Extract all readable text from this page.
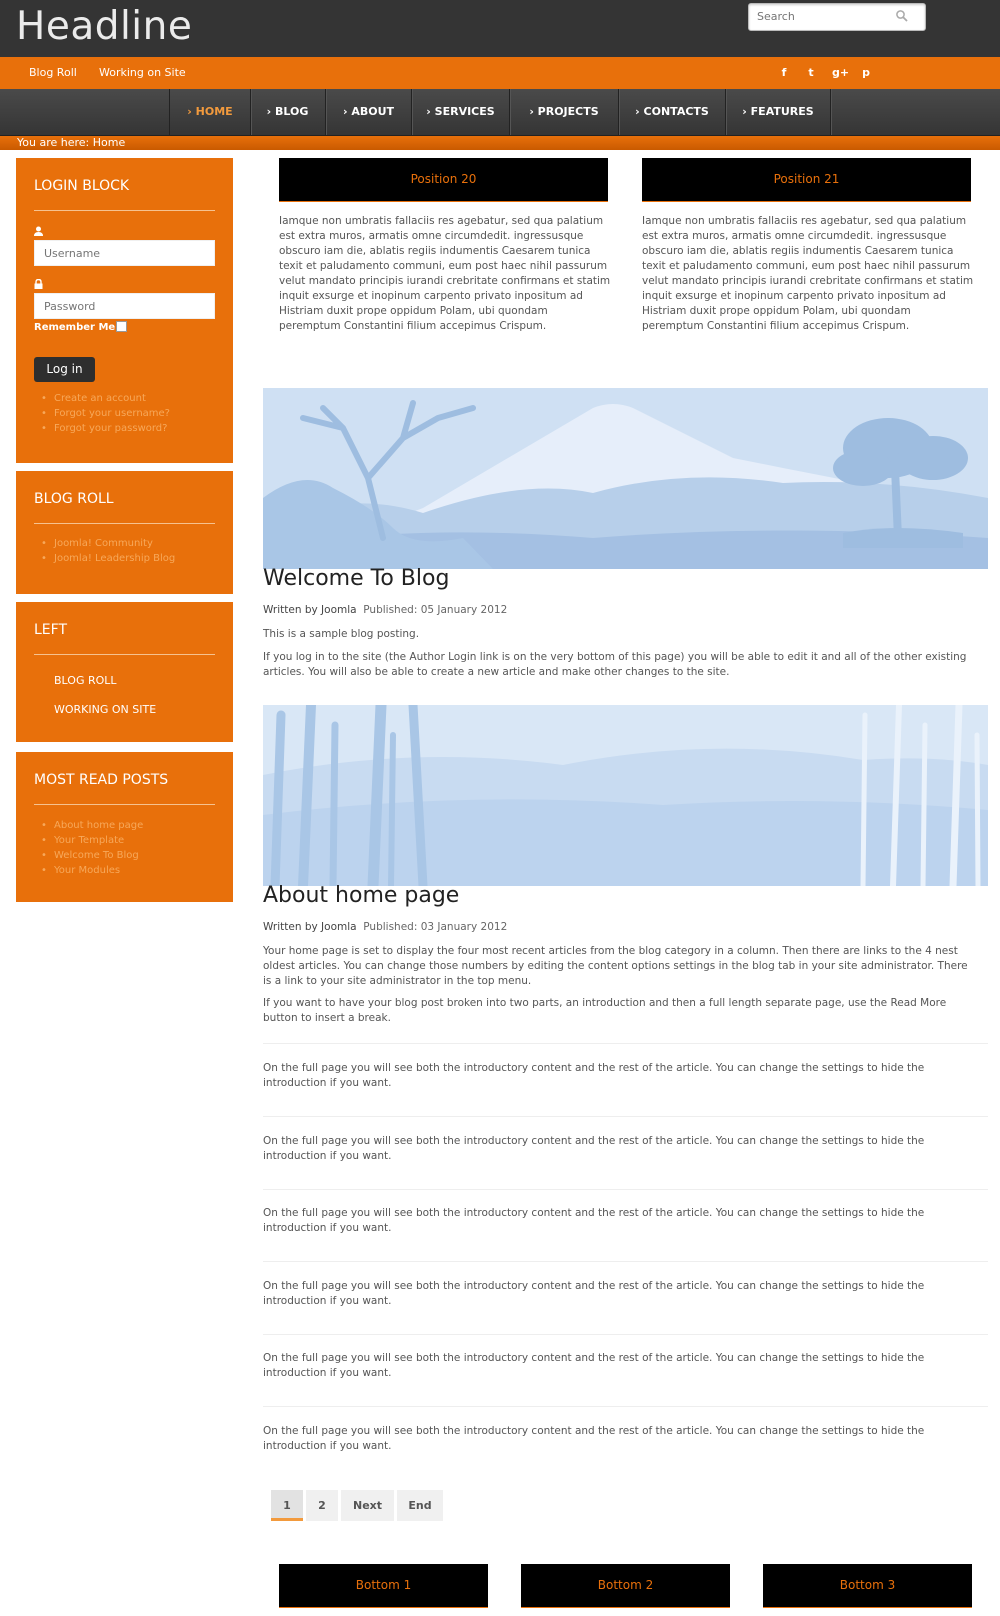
Headline
Search
Blog Roll Working on Site	f	t	g+ p
› HOME	› BLOG	› ABOUT	› SERVICES	› PROJECTS	› CONTACTS	› FEATURES
You are here: Home
LOGIN BLOCK
Username
Password
Remember Me
Log in
• Create an account
• Forgot your username?
• Forgot your password?
BLOG ROLL
• Joomla! Community
• Joomla! Leadership Blog
LEFT
BLOG ROLL
WORKING ON SITE
MOST READ POSTS
• About home page
• Your Template
• Welcome To Blog
• Your Modules
Position 20

Iamque non umbratis fallaciis res agebatur, sed qua palatium est extra muros, armatis omne circumdedit. ingressusque obscuro iam die, ablatis regiis indumentis Caesarem tunica texit et paludamento communi, eum post haec nihil passurum velut mandato principis iurandi crebritate confirmans et statim inquit exsurge et inopinum carpento privato inpositum ad Histriam duxit prope oppidum Polam, ubi quondam peremptum Constantini filium accepimus Crispum.

Position 21

Iamque non umbratis fallaciis res agebatur, sed qua palatium est extra muros, armatis omne circumdedit. ingressusque obscuro iam die, ablatis regiis indumentis Caesarem tunica texit et paludamento communi, eum post haec nihil passurum velut mandato principis iurandi crebritate confirmans et statim inquit exsurge et inopinum carpento privato inpositum ad Histriam duxit prope oppidum Polam, ubi quondam peremptum Constantini filium accepimus Crispum.

Welcome To Blog
Written by Joomla Published: 05 January 2012

This is a sample blog posting.

If you log in to the site (the Author Login link is on the very bottom of this page) you will be able to edit it and all of the other existing articles. You will also be able to create a new article and make other changes to the site.

About home page
Written by Joomla Published: 03 January 2012

Your home page is set to display the four most recent articles from the blog category in a column. Then there are links to the 4 nest oldest articles. You can change those numbers by editing the content options settings in the blog tab in your site administrator. There is a link to your site administrator in the top menu.

If you want to have your blog post broken into two parts, an introduction and then a full length separate page, use the Read More button to insert a break.

On the full page you will see both the introductory content and the rest of the article. You can change the settings to hide the introduction if you want.

On the full page you will see both the introductory content and the rest of the article. You can change the settings to hide the introduction if you want.

On the full page you will see both the introductory content and the rest of the article. You can change the settings to hide the introduction if you want.

On the full page you will see both the introductory content and the rest of the article. You can change the settings to hide the introduction if you want.

On the full page you will see both the introductory content and the rest of the article. You can change the settings to hide the introduction if you want.

On the full page you will see both the introductory content and the rest of the article. You can change the settings to hide the introduction if you want.

1	2	Next	End
Bottom 1	Bottom 2	Bottom 3
